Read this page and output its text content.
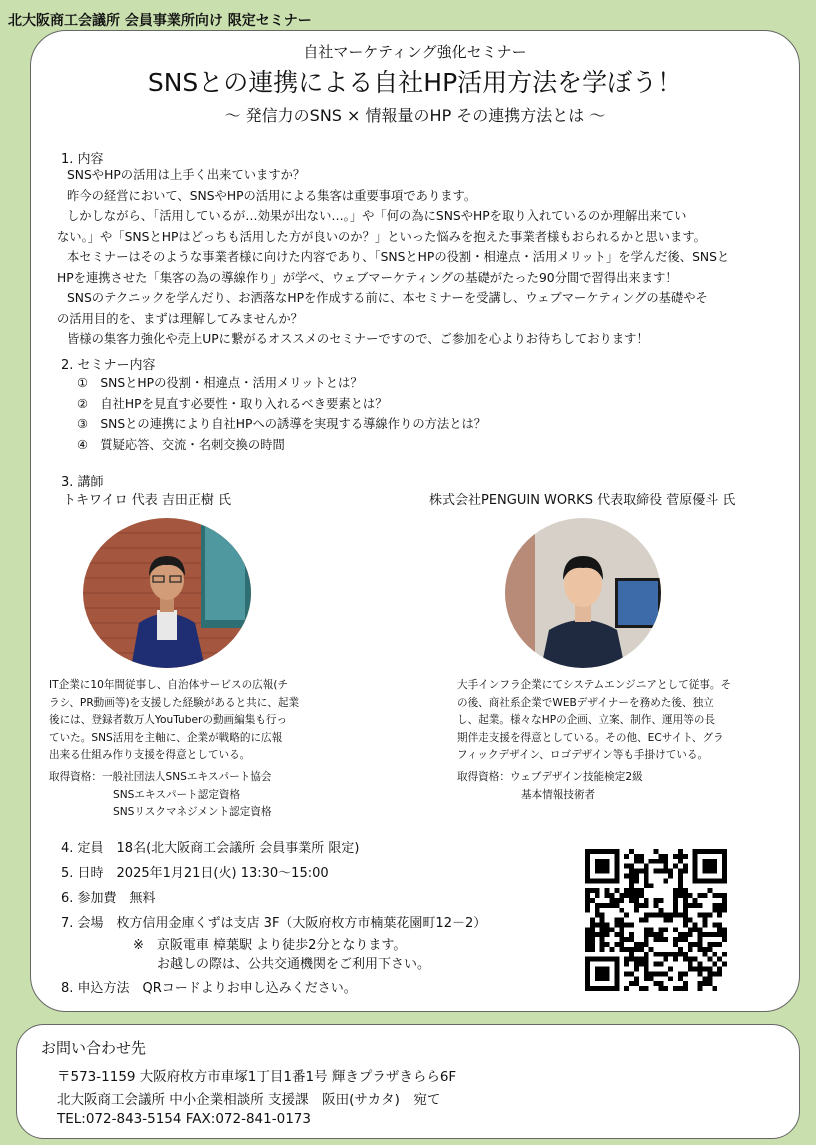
北大阪商工会議所 会員事業所向け 限定セミナー
自社マーケティング強化セミナー
SNSとの連携による自社HP活用方法を学ぼう！
～ 発信力のSNS × 情報量のHP その連携方法とは ～
1. 内容
SNSやHPの活用は上手く出来ていますか？
昨今の経営において、SNSやHPの活用による集客は重要事項であります。
しかしながら、「活用しているが…効果が出ない…。」や「何の為にSNSやHPを取り入れているのか理解出来てい
ない。」や「SNSとHPはどっちも活用した方が良いのか？」といった悩みを抱えた事業者様もおられるかと思います。
本セミナーはそのような事業者様に向けた内容であり、「SNSとHPの役割・相違点・活用メリット」を学んだ後、SNSと
HPを連携させた「集客の為の導線作り」が学べ、ウェブマーケティングの基礎がたった90分間で習得出来ます！
SNSのテクニックを学んだり、お洒落なHPを作成する前に、本セミナーを受講し、ウェブマーケティングの基礎やそ
の活用目的を、まずは理解してみませんか？
皆様の集客力強化や売上UPに繋がるオススメのセミナーですので、ご参加を心よりお待ちしております！
2. セミナー内容
①　SNSとHPの役割・相違点・活用メリットとは？
②　自社HPを見直す必要性・取り入れるべき要素とは？
③　SNSとの連携により自社HPへの誘導を実現する導線作りの方法とは？
④　質疑応答、交流・名刺交換の時間
3. 講師
トキワイロ 代表 吉田正樹 氏	株式会社PENGUIN WORKS 代表取締役 菅原優斗 氏
IT企業に10年間従事し、自治体サービスの広報(チ
ラシ、PR動画等)を支援した経験があると共に、起業
後には、登録者数万人YouTuberの動画編集も行っ
ていた。SNS活用を主軸に、企業が戦略的に広報
出来る仕組み作り支援を得意としている。
取得資格：一般社団法人SNSエキスパート協会
SNSエキスパート認定資格
SNSリスクマネジメント認定資格
大手インフラ企業にてシステムエンジニアとして従事。そ
の後、商社系企業でWEBデザイナーを務めた後、独立
し、起業。様々なHPの企画、立案、制作、運用等の長
期伴走支援を得意としている。その他、ECサイト、グラ
フィックデザイン、ロゴデザイン等も手掛けている。
取得資格：ウェブデザイン技能検定2級
基本情報技術者
4. 定員　18名(北大阪商工会議所 会員事業所 限定)
5. 日時　2025年1月21日(火) 13:30～15:00
6. 参加費　無料
7. 会場　枚方信用金庫くずは支店 3F（大阪府枚方市楠葉花園町12－2）
※　京阪電車 樟葉駅 より徒歩2分となります。
お越しの際は、公共交通機関をご利用下さい。
8. 申込方法　QRコードよりお申し込みください。
お問い合わせ先
〒573-1159 大阪府枚方市車塚1丁目1番1号 輝きプラザきらら6F
北大阪商工会議所 中小企業相談所 支援課　阪田(サカタ)　宛て
TEL:072-843-5154 FAX:072-841-0173
